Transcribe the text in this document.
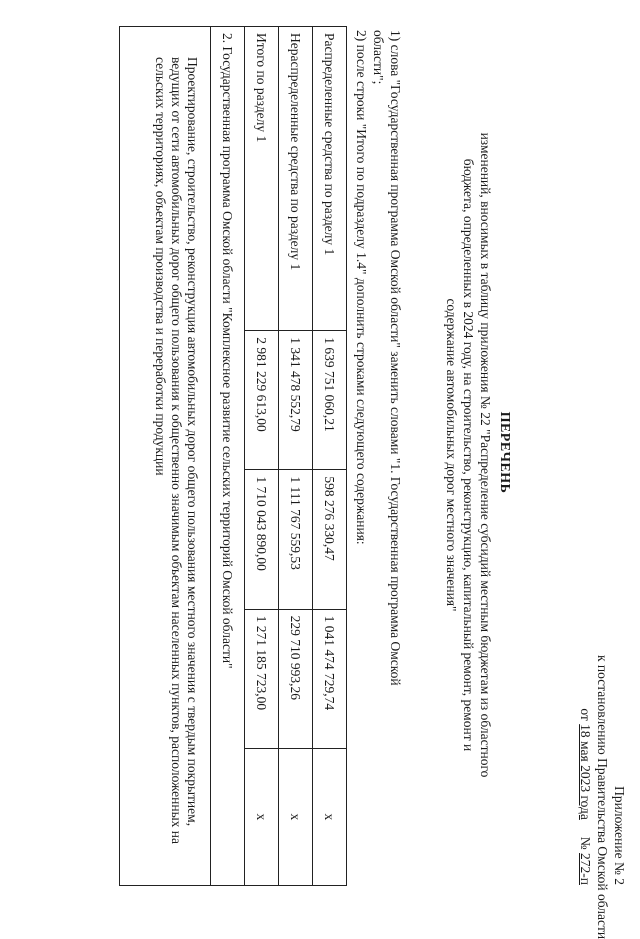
Приложение № 2
к постановлению Правительства Омской области
от 18 мая 2023 года     № 272-п
ПЕРЕЧЕНЬ
изменений, вносимых в таблицу приложения № 22 "Распределение субсидий местным бюджетам из областного бюджета, определенных в 2024 году, на строительство, реконструкцию, капитальный ремонт, ремонт и содержание автомобильных дорог местного значения"
1) слова "Государственная программа Омской области" заменить словами "1. Государственная программа Омской
области";
2) после строки "Итого по подразделу 1.4" дополнить строками следующего содержания:
Распределенные средства по разделу 1	1 639 751 060,21	598 276 330,47	1 041 474 729,74	x
Нераспределенные средства по разделу 1	1 341 478 552,79	1 111 767 559,53	229 710 993,26	x
Итого по разделу 1	2 981 229 613,00	1 710 043 890,00	1 271 185 723,00	x
2. Государственная программа Омской области "Комплексное развитие сельских территорий Омской области"				
Проектирование, строительство, реконструкция автомобильных дорог общего пользования местного значения с твердым покрытием, ведущих от сети автомобильных дорог общего пользования к общественно значимым объектам населенных пунктов, расположенных на сельских территориях, объектам производства и переработки продукции				
